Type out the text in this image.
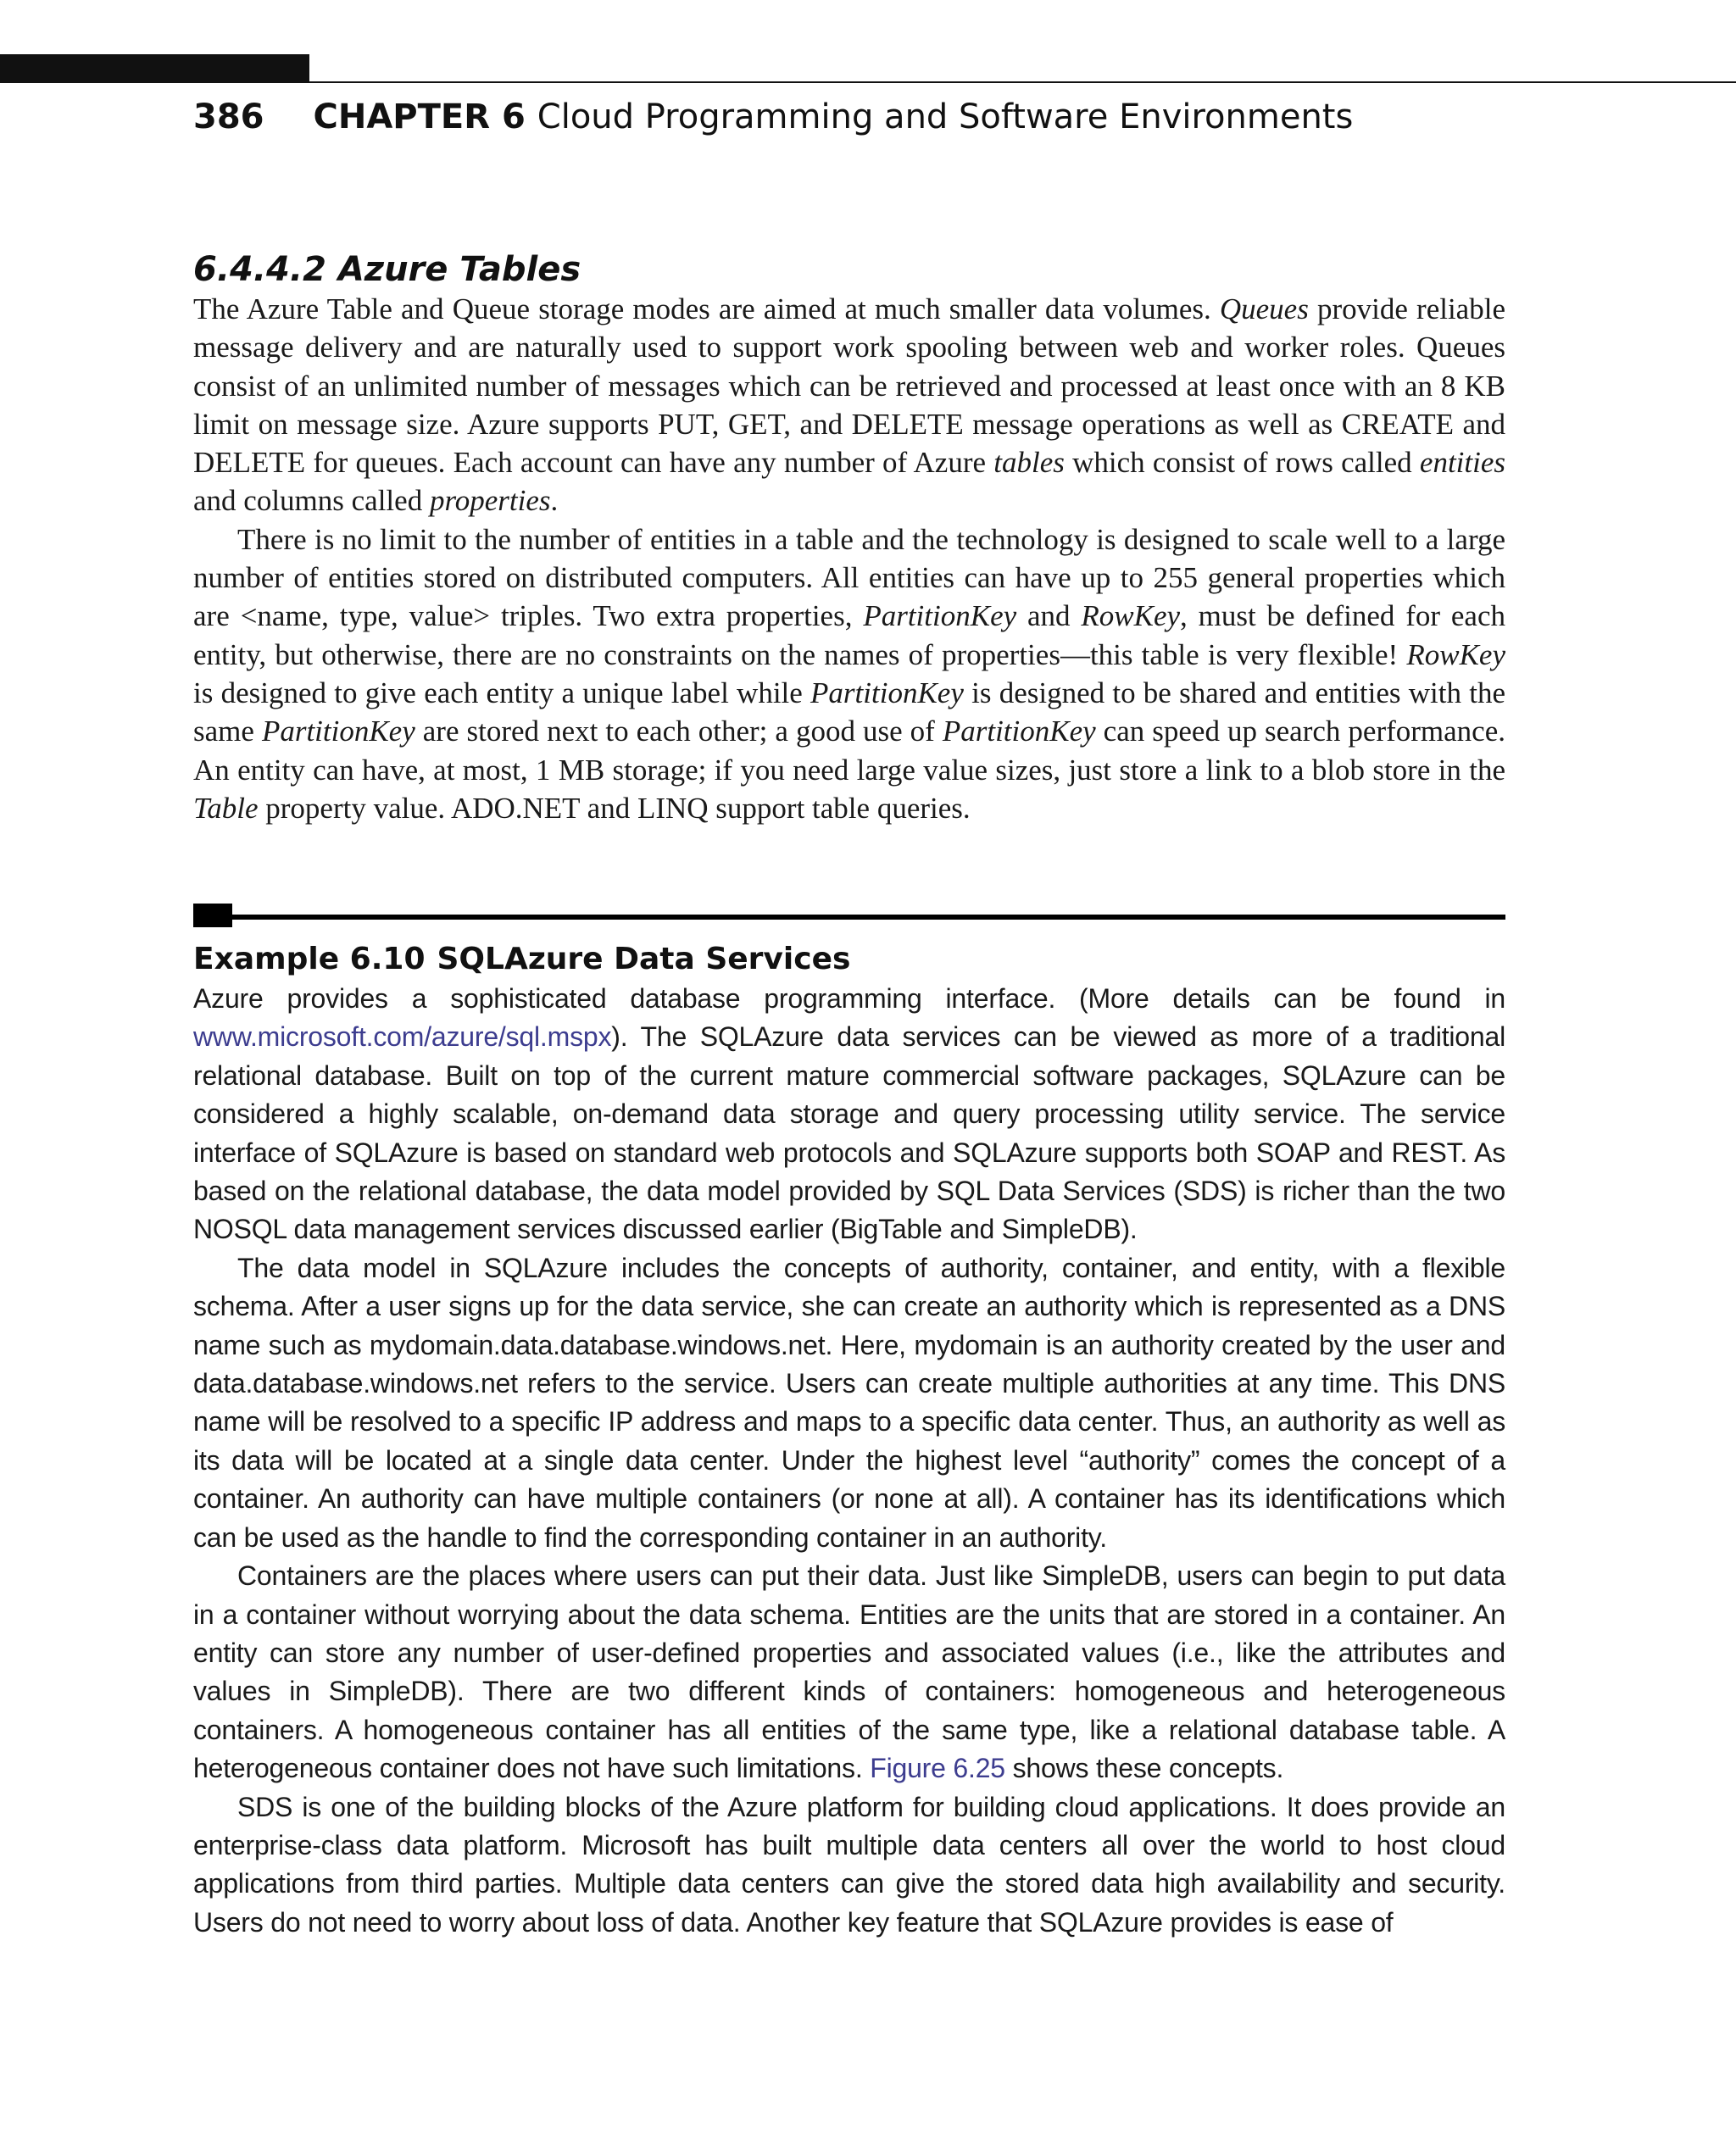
386 CHAPTER 6 Cloud Programming and Software Environments
6.4.4.2 Azure Tables

The Azure Table and Queue storage modes are aimed at much smaller data volumes. Queues provide reliable message delivery and are naturally used to support work spooling between web and worker roles. Queues consist of an unlimited number of messages which can be retrieved and processed at least once with an 8 KB limit on message size. Azure supports PUT, GET, and DELETE message operations as well as CREATE and DELETE for queues. Each account can have any number of Azure tables which consist of rows called entities and columns called properties.

There is no limit to the number of entities in a table and the technology is designed to scale well to a large number of entities stored on distributed computers. All entities can have up to 255 general properties which are <name, type, value> triples. Two extra properties, PartitionKey and RowKey, must be defined for each entity, but otherwise, there are no constraints on the names of properties—this table is very flexible! RowKey is designed to give each entity a unique label while PartitionKey is designed to be shared and entities with the same PartitionKey are stored next to each other; a good use of PartitionKey can speed up search performance. An entity can have, at most, 1 MB storage; if you need large value sizes, just store a link to a blob store in the Table property value. ADO.NET and LINQ support table queries.

Example 6.10 SQLAzure Data Services

Azure provides a sophisticated database programming interface. (More details can be found in www.microsoft.com/azure/sql.mspx). The SQLAzure data services can be viewed as more of a traditional relational database. Built on top of the current mature commercial software packages, SQLAzure can be considered a highly scalable, on-demand data storage and query processing utility service. The service interface of SQLAzure is based on standard web protocols and SQLAzure supports both SOAP and REST. As based on the relational database, the data model provided by SQL Data Services (SDS) is richer than the two NOSQL data management services discussed earlier (BigTable and SimpleDB).

The data model in SQLAzure includes the concepts of authority, container, and entity, with a flexible schema. After a user signs up for the data service, she can create an authority which is represented as a DNS name such as mydomain.data.database.windows.net. Here, mydomain is an authority created by the user and data.database.windows.net refers to the service. Users can create multiple authorities at any time. This DNS name will be resolved to a specific IP address and maps to a specific data center. Thus, an authority as well as its data will be located at a single data center. Under the highest level “authority” comes the concept of a container. An authority can have multiple containers (or none at all). A container has its identifications which can be used as the handle to find the corresponding container in an authority.

Containers are the places where users can put their data. Just like SimpleDB, users can begin to put data in a container without worrying about the data schema. Entities are the units that are stored in a container. An entity can store any number of user-defined properties and associated values (i.e., like the attributes and values in SimpleDB). There are two different kinds of containers: homogeneous and heterogeneous containers. A homogeneous container has all entities of the same type, like a relational database table. A heterogeneous container does not have such limitations. Figure 6.25 shows these concepts.

SDS is one of the building blocks of the Azure platform for building cloud applications. It does provide an enterprise-class data platform. Microsoft has built multiple data centers all over the world to host cloud applications from third parties. Multiple data centers can give the stored data high availability and security. Users do not need to worry about loss of data. Another key feature that SQLAzure provides is ease of
